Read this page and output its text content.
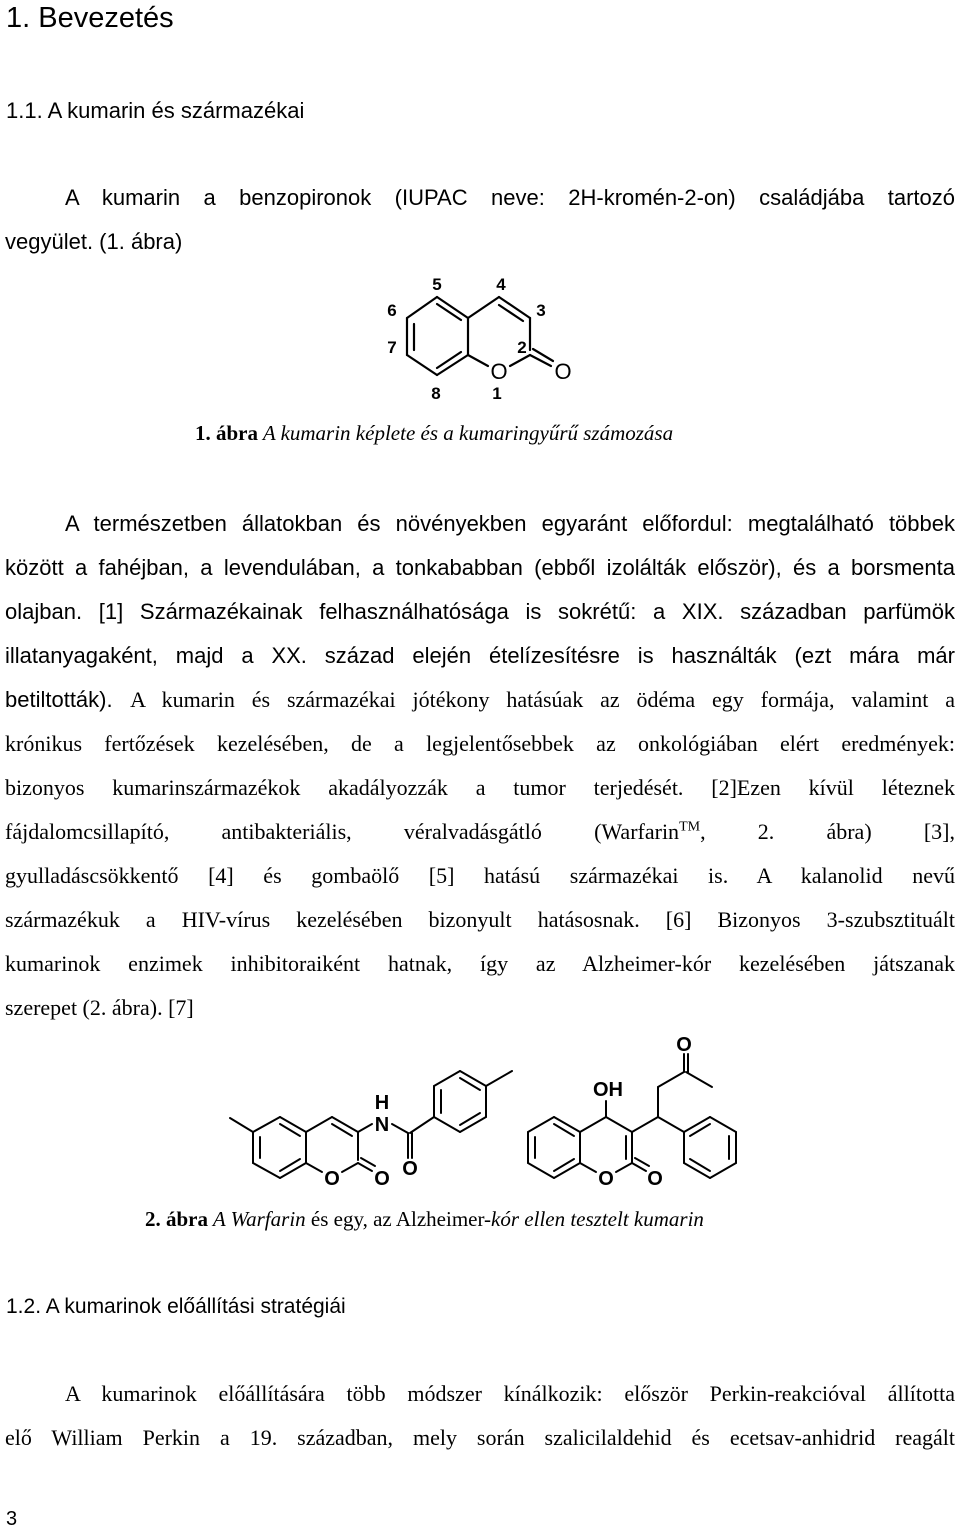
1. Bevezetés
1.1. A kumarin és származékai

A kumarin a benzopironok (IUPAC neve: 2H-kromén-2-on) családjába tartozó

vegyület. (1. ábra)

O O
5	4
3
2
1
8
7
6
1. ábra A kumarin képlete és a kumaringyűrű számozása

A természetben állatokban és növényekben egyaránt előfordul: megtalálható többek

között a fahéjban, a levendulában, a tonkababban (ebből izolálták először), és a borsmenta

olajban. [1] Származékainak felhasználhatósága is sokrétű: a XIX. században parfümök

illatanyagaként, majd a XX. század elején ételízesítésre is használták (ezt mára már

betiltották). A kumarin és származékai jótékony hatásúak az ödéma egy formája, valamint a

krónikus fertőzések kezelésében, de a legjelentősebbek az onkológiában elért eredmények:

bizonyos kumarinszármazékok akadályozzák a tumor terjedését. [2]Ezen kívül léteznek

fájdalomcsillapító, antibakteriális, véralvadásgátló (Warfarin™, 2. ábra) [3],

gyulladáscsökkentő [4] és gombaölő [5] hatású származékai is. A kalanolid nevű

származékuk a HIV-vírus kezelésében bizonyult hatásosnak. [6] Bizonyos 3-szubsztituált

kumarinok enzimek inhibitoraiként hatnak, így az Alzheimer-kór kezelésében játszanak

szerepet (2. ábra). [7]

O O
H
N
O	O O
OH
O
2. ábra A Warfarin és egy, az Alzheimer-kór ellen tesztelt kumarin
1.2. A kumarinok előállítási stratégiái

A kumarinok előállítására több módszer kínálkozik: először Perkin-reakcióval állította

elő William Perkin a 19. században, mely során szalicilaldehid és ecetsav-anhidrid reagált

3
